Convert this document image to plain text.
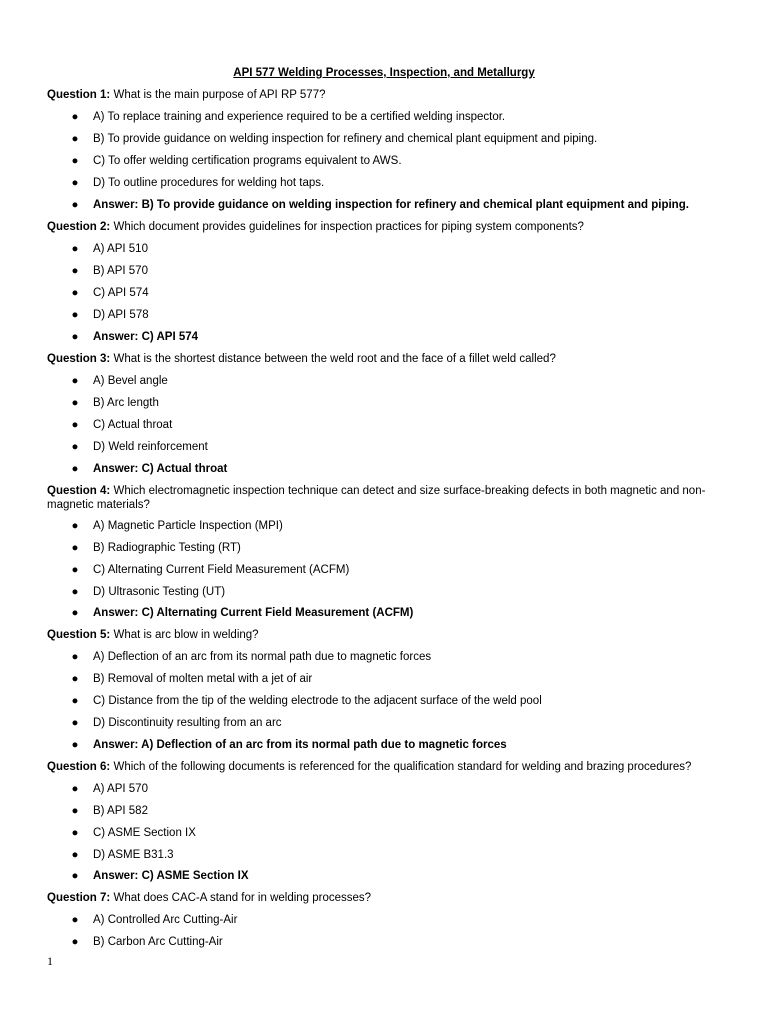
API 577 Welding Processes, Inspection, and Metallurgy
Question 1: What is the main purpose of API RP 577?
● A) To replace training and experience required to be a certified welding inspector.
● B) To provide guidance on welding inspection for refinery and chemical plant equipment and piping.
● C) To offer welding certification programs equivalent to AWS.
● D) To outline procedures for welding hot taps.
● Answer: B) To provide guidance on welding inspection for refinery and chemical plant equipment and piping.
Question 2: Which document provides guidelines for inspection practices for piping system components?
● A) API 510
● B) API 570
● C) API 574
● D) API 578
● Answer: C) API 574
Question 3: What is the shortest distance between the weld root and the face of a fillet weld called?
● A) Bevel angle
● B) Arc length
● C) Actual throat
● D) Weld reinforcement
● Answer: C) Actual throat
Question 4: Which electromagnetic inspection technique can detect and size surface-breaking defects in both magnetic and non-magnetic materials?
● A) Magnetic Particle Inspection (MPI)
● B) Radiographic Testing (RT)
● C) Alternating Current Field Measurement (ACFM)
● D) Ultrasonic Testing (UT)
● Answer: C) Alternating Current Field Measurement (ACFM)
Question 5: What is arc blow in welding?
● A) Deflection of an arc from its normal path due to magnetic forces
● B) Removal of molten metal with a jet of air
● C) Distance from the tip of the welding electrode to the adjacent surface of the weld pool
● D) Discontinuity resulting from an arc
● Answer: A) Deflection of an arc from its normal path due to magnetic forces
Question 6: Which of the following documents is referenced for the qualification standard for welding and brazing procedures?
● A) API 570
● B) API 582
● C) ASME Section IX
● D) ASME B31.3
● Answer: C) ASME Section IX
Question 7: What does CAC-A stand for in welding processes?
● A) Controlled Arc Cutting-Air
● B) Carbon Arc Cutting-Air
1
